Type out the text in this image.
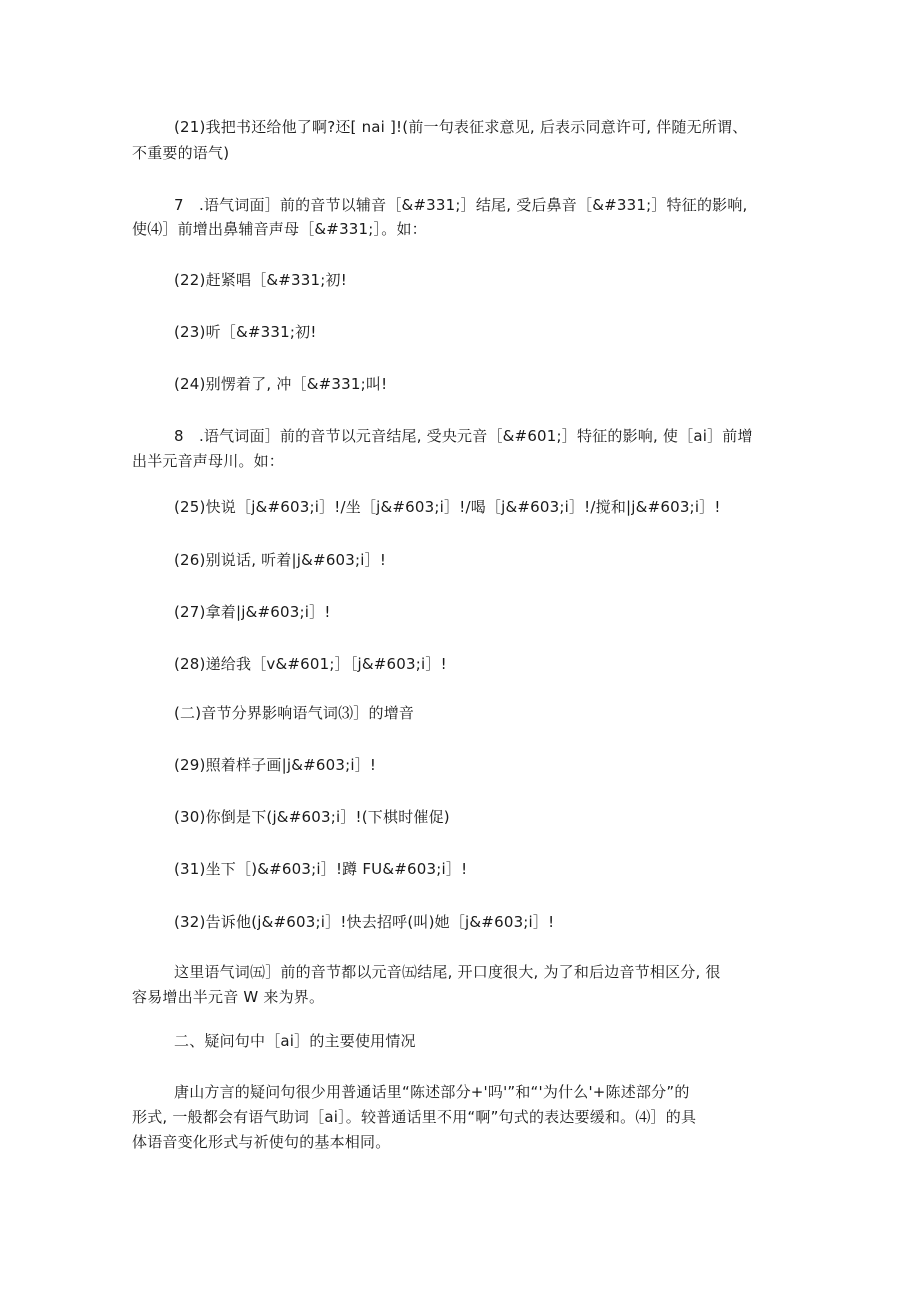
(21)我把书还给他了啊?还[ nai ]!(前一句表征求意见, 后表示同意许可, 伴随无所谓、
不重要的语气)
7　.语气词面］前的音节以辅音［&#331;］结尾, 受后鼻音［&#331;］特征的影响,
使⑷］前增出鼻辅音声母［&#331;］。如：
(22)赶紧唱［&#331;初!
(23)听［&#331;初!
(24)别愣着了, 冲［&#331;叫!
8　.语气词面］前的音节以元音结尾, 受央元音［&#601;］特征的影响, 使［ai］前增
出半元音声母川。如：
(25)快说［j&#603;i］!/坐［j&#603;i］!/喝［j&#603;i］!/搅和|j&#603;i］!
(26)别说话, 听着|j&#603;i］!
(27)拿着|j&#603;i］!
(28)递给我［v&#601;］［j&#603;i］!
(二)音节分界影响语气词⑶］的增音
(29)照着样子画|j&#603;i］!
(30)你倒是下(j&#603;i］!(下棋时催促)
(31)坐下［)&#603;i］!蹲 FU&#603;i］!
(32)告诉他(j&#603;i］!快去招呼(叫)她［j&#603;i］!
这里语气词㈤］前的音节都以元音㈤结尾, 开口度很大, 为了和后边音节相区分, 很
容易增出半元音 W 来为界。
二、疑问句中［ai］的主要使用情况
唐山方言的疑问句很少用普通话里“陈述部分+'吗'”和“'为什么'+陈述部分”的
形式, 一般都会有语气助词［ai］。较普通话里不用“啊”句式的表达要缓和。⑷］的具
体语音变化形式与祈使句的基本相同。
